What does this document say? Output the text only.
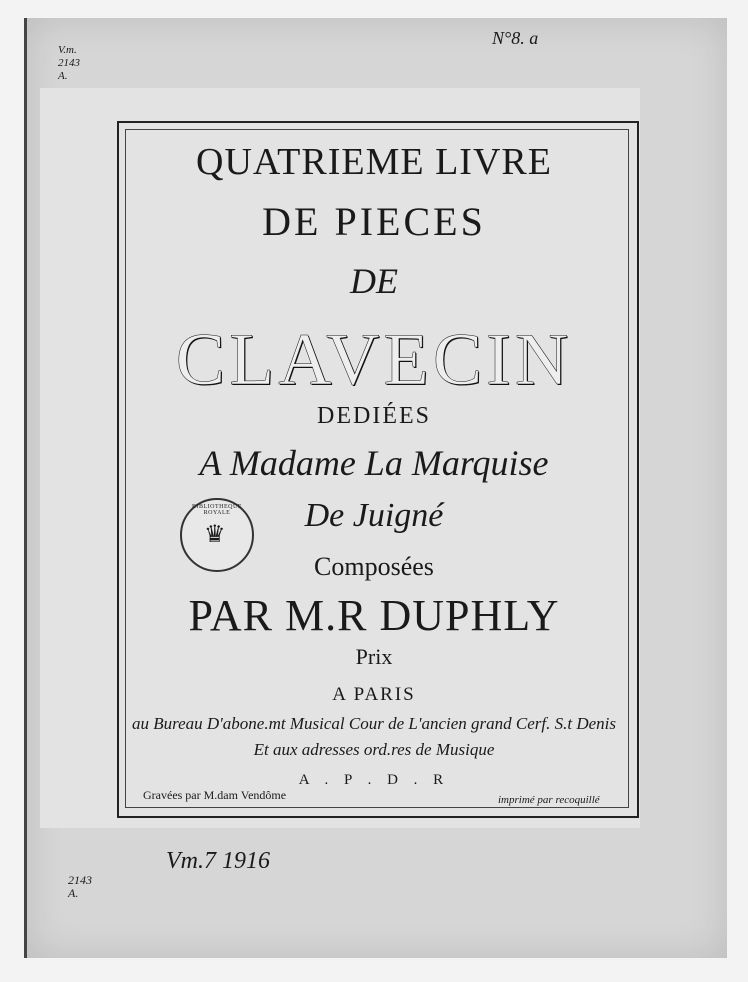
V.m.
2143
A.
N°8. a
QUATRIEME LIVRE
DE PIECES
DE
CLAVECIN
DEDIÉES
A Madame La Marquise
De Juigné
Composées
PAR M.R DUPHLY
Prix
A PARIS
au Bureau D'abone.mt Musical Cour de L'ancien grand Cerf. S.t Denis
Et aux adresses ord.res de Musique
A . P . D . R
Gravées par M.dam Vendôme	imprimé par recoquillé
BIBLIOTHEQUE ROYALE
♛
Vm.7 1916
2143
A.
